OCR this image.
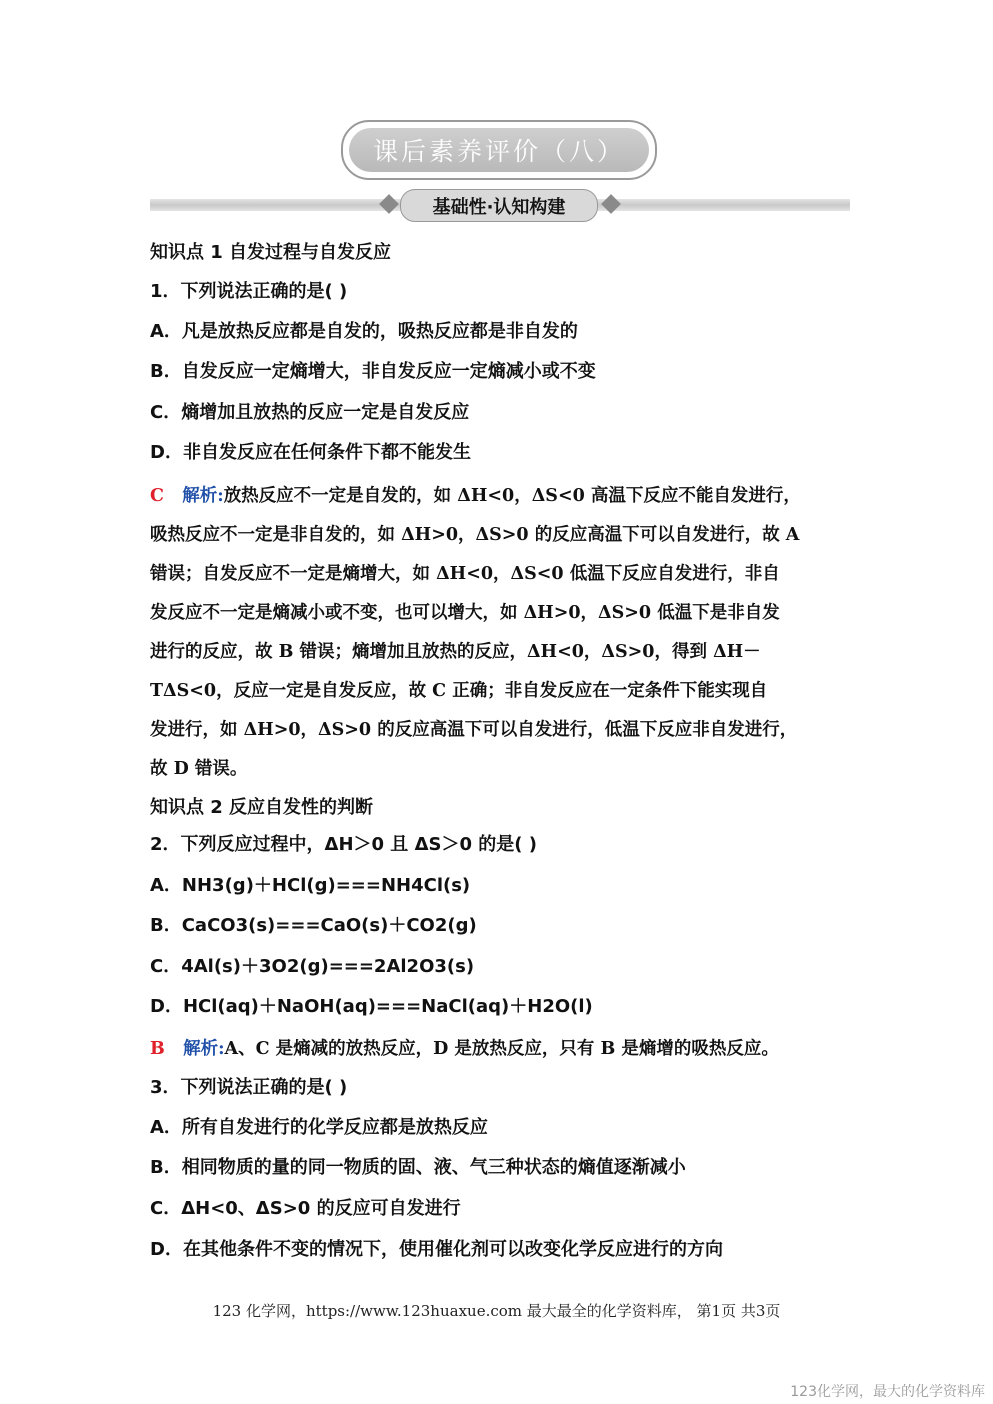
课后素养评价（八）
基础性·认知构建
知识点 1 自发过程与自发反应
1．下列说法正确的是( )
A．凡是放热反应都是自发的，吸热反应都是非自发的
B．自发反应一定熵增大，非自发反应一定熵减小或不变
C．熵增加且放热的反应一定是自发反应
D．非自发反应在任何条件下都不能发生
C 解析:放热反应不一定是自发的，如 ΔH<0，ΔS<0 高温下反应不能自发进行，
吸热反应不一定是非自发的，如 ΔH>0，ΔS>0 的反应高温下可以自发进行，故 A
错误；自发反应不一定是熵增大，如 ΔH<0，ΔS<0 低温下反应自发进行，非自
发反应不一定是熵减小或不变，也可以增大，如 ΔH>0，ΔS>0 低温下是非自发
进行的反应，故 B 错误；熵增加且放热的反应，ΔH<0，ΔS>0，得到 ΔH－
TΔS<0，反应一定是自发反应，故 C 正确；非自发反应在一定条件下能实现自
发进行，如 ΔH>0，ΔS>0 的反应高温下可以自发进行，低温下反应非自发进行，
故 D 错误。
知识点 2 反应自发性的判断
2．下列反应过程中，ΔH＞0 且 ΔS＞0 的是( )
A．NH3(g)＋HCl(g)===NH4Cl(s)
B．CaCO3(s)===CaO(s)＋CO2(g)
C．4Al(s)＋3O2(g)===2Al2O3(s)
D．HCl(aq)＋NaOH(aq)===NaCl(aq)＋H2O(l)
B 解析:A、C 是熵减的放热反应，D 是放热反应，只有 B 是熵增的吸热反应。
3．下列说法正确的是( )
A．所有自发进行的化学反应都是放热反应
B．相同物质的量的同一物质的固、液、气三种状态的熵值逐渐减小
C．ΔH<0、ΔS>0 的反应可自发进行
D．在其他条件不变的情况下，使用催化剂可以改变化学反应进行的方向
123 化学网，https://www.123huaxue.com 最大最全的化学资料库， 第1页 共3页
123化学网，最大的化学资料库
